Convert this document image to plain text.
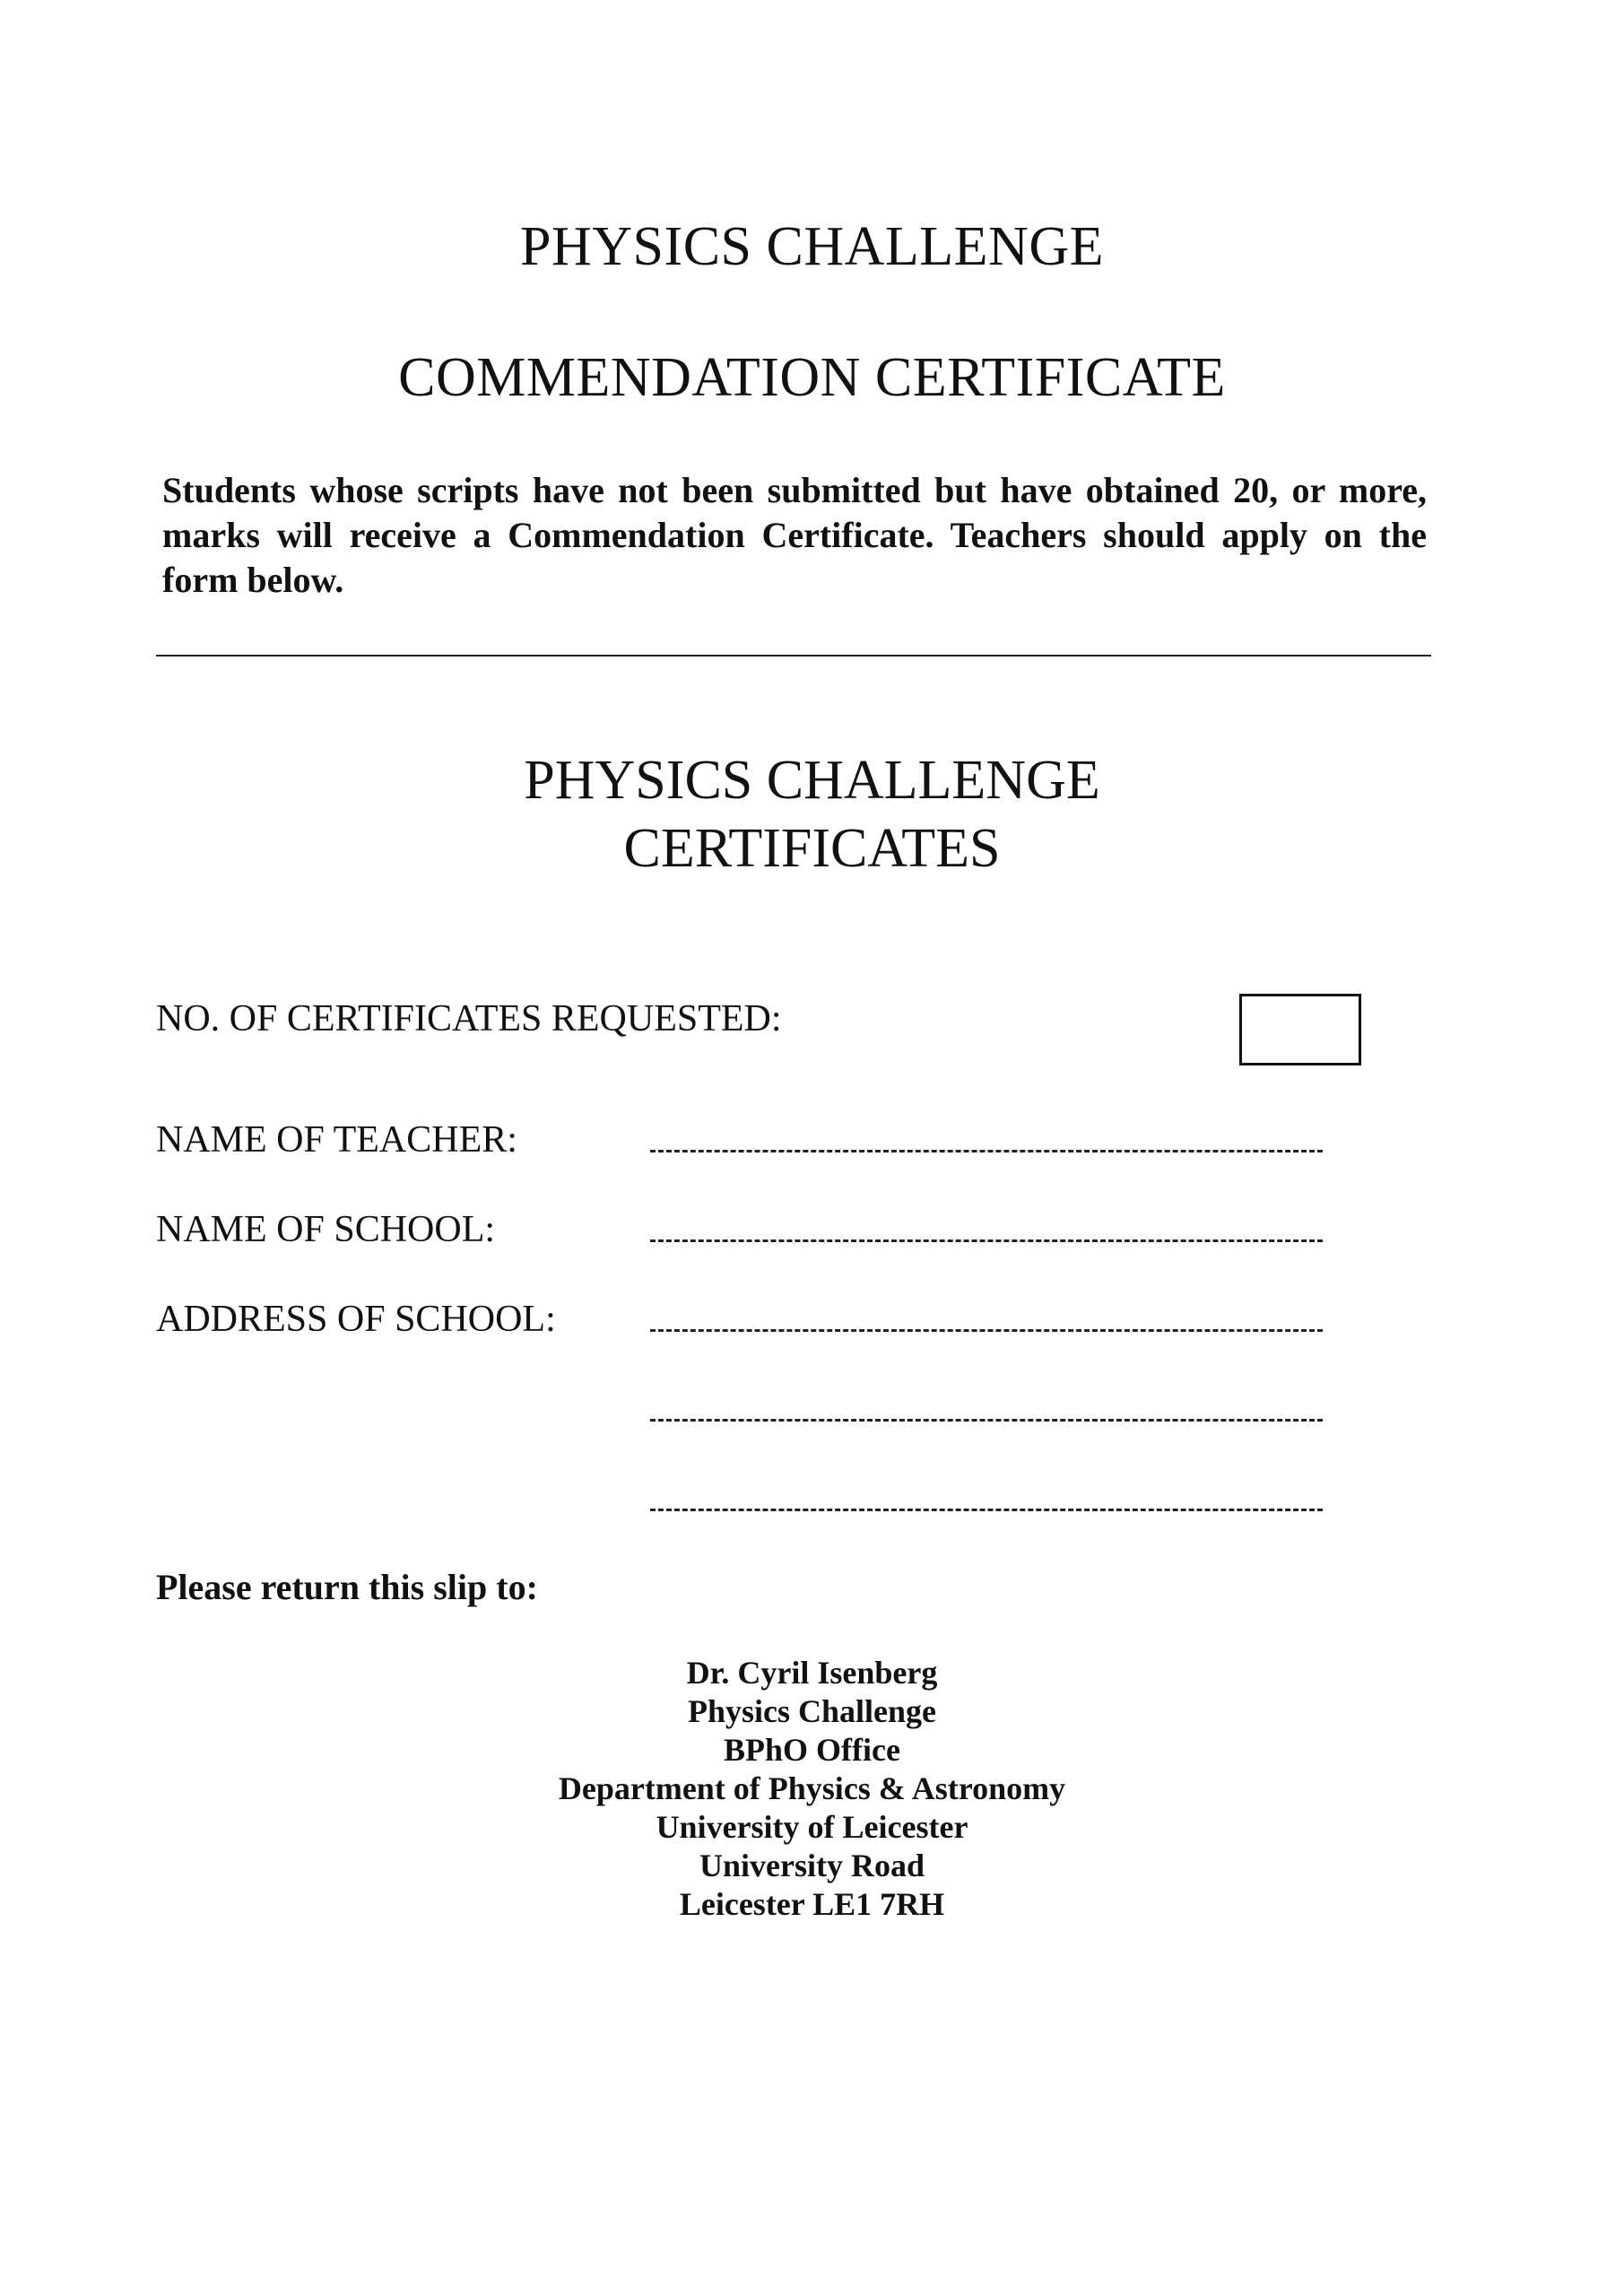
PHYSICS CHALLENGE
COMMENDATION CERTIFICATE
Students whose scripts have not been submitted but have obtained 20, or more, marks will receive a Commendation Certificate. Teachers should apply on the form below.
PHYSICS CHALLENGE
CERTIFICATES
NO. OF CERTIFICATES REQUESTED:
NAME OF TEACHER:
NAME OF SCHOOL:
ADDRESS OF SCHOOL:
Please return this slip to:
Dr. Cyril Isenberg
Physics Challenge
BPhO Office
Department of Physics & Astronomy
University of Leicester
University Road
Leicester LE1 7RH
